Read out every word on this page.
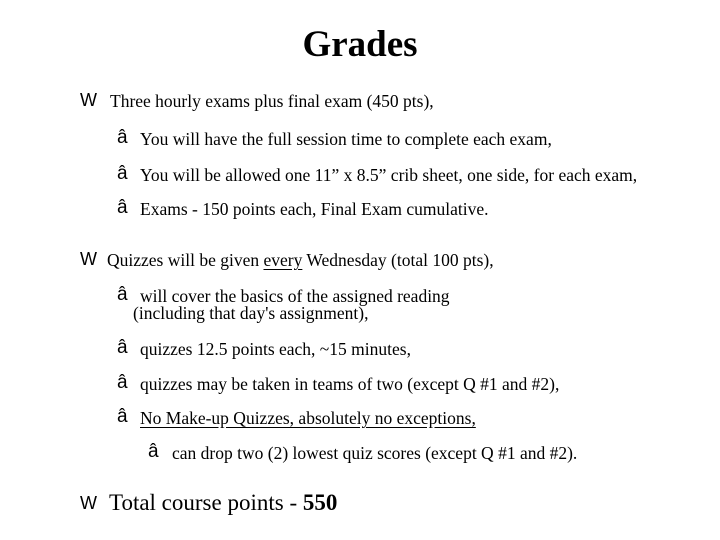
Grades
W Three hourly exams plus final exam (450 pts),
â You will have the full session time to complete each exam,
â You will be allowed one 11” x 8.5” crib sheet, one side, for each exam,
â Exams - 150 points each, Final Exam cumulative.
W Quizzes will be given every Wednesday (total 100 pts),
â will cover the basics of the assigned reading
(including that day's assignment),
â quizzes 12.5 points each, ~15 minutes,
â quizzes may be taken in teams of two (except Q #1 and #2),
â No Make-up Quizzes, absolutely no exceptions,
â can drop two (2) lowest quiz scores (except Q #1 and #2).
W Total course points - 550
